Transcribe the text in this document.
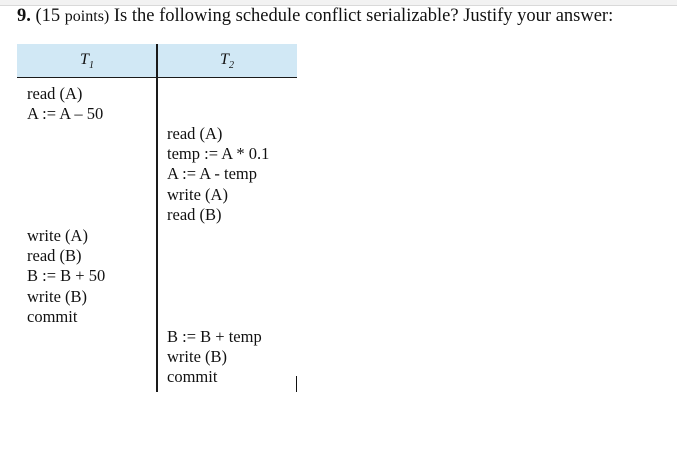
9. (15 points) Is the following schedule conflict serializable? Justify your answer:
$T_1$	$T_2$
read (A)
A := A – 50
read (A)
temp := A * 0.1
A := A - temp
write (A)
read (B)
write (A)
read (B)
B := B + 50
write (B)
commit
B := B + temp
write (B)
commit
